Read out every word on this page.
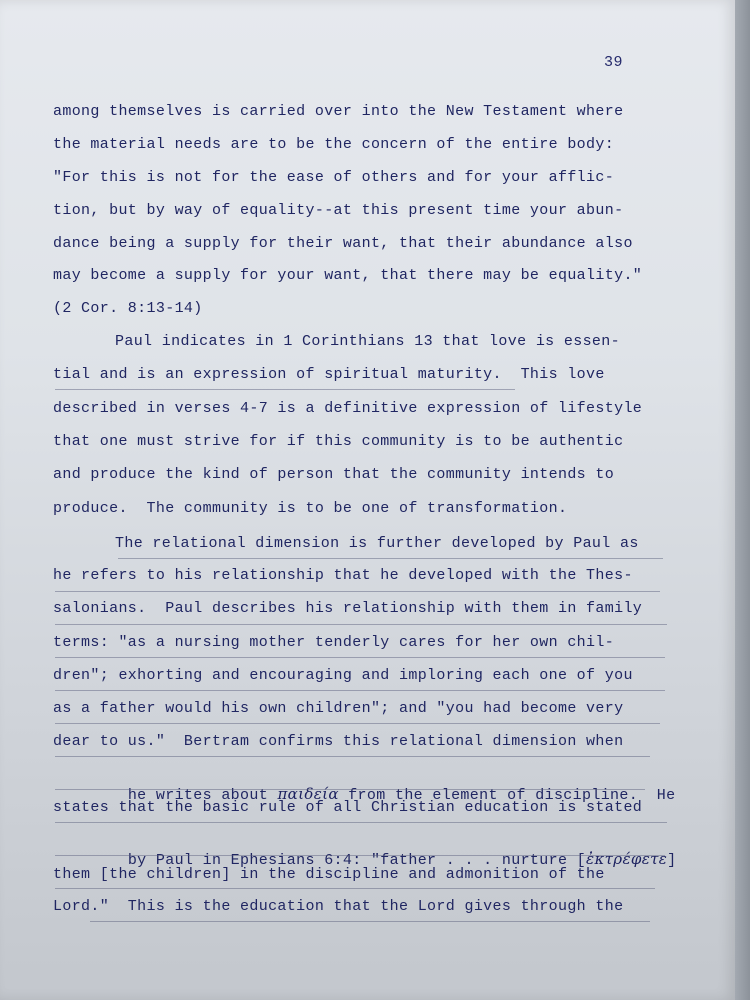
39
among themselves is carried over into the New Testament where
the material needs are to be the concern of the entire body:
"For this is not for the ease of others and for your afflic-
tion, but by way of equality--at this present time your abun-
dance being a supply for their want, that their abundance also
may become a supply for your want, that there may be equality."
(2 Cor. 8:13-14)
Paul indicates in 1 Corinthians 13 that love is essen-
tial and is an expression of spiritual maturity.  This love
described in verses 4-7 is a definitive expression of lifestyle
that one must strive for if this community is to be authentic
and produce the kind of person that the community intends to
produce.  The community is to be one of transformation.
The relational dimension is further developed by Paul as
he refers to his relationship that he developed with the Thes-
salonians.  Paul describes his relationship with them in family
terms: "as a nursing mother tenderly cares for her own chil-
dren"; exhorting and encouraging and imploring each one of you
as a father would his own children"; and "you had become very
dear to us."  Bertram confirms this relational dimension when

he writes about παιδεία from the element of discipline.  He

states that the basic rule of all Christian education is stated

by Paul in Ephesians 6:4: "father . . . nurture [ἐκτρέφετε]

them [the children] in the discipline and admonition of the
Lord."  This is the education that the Lord gives through the
